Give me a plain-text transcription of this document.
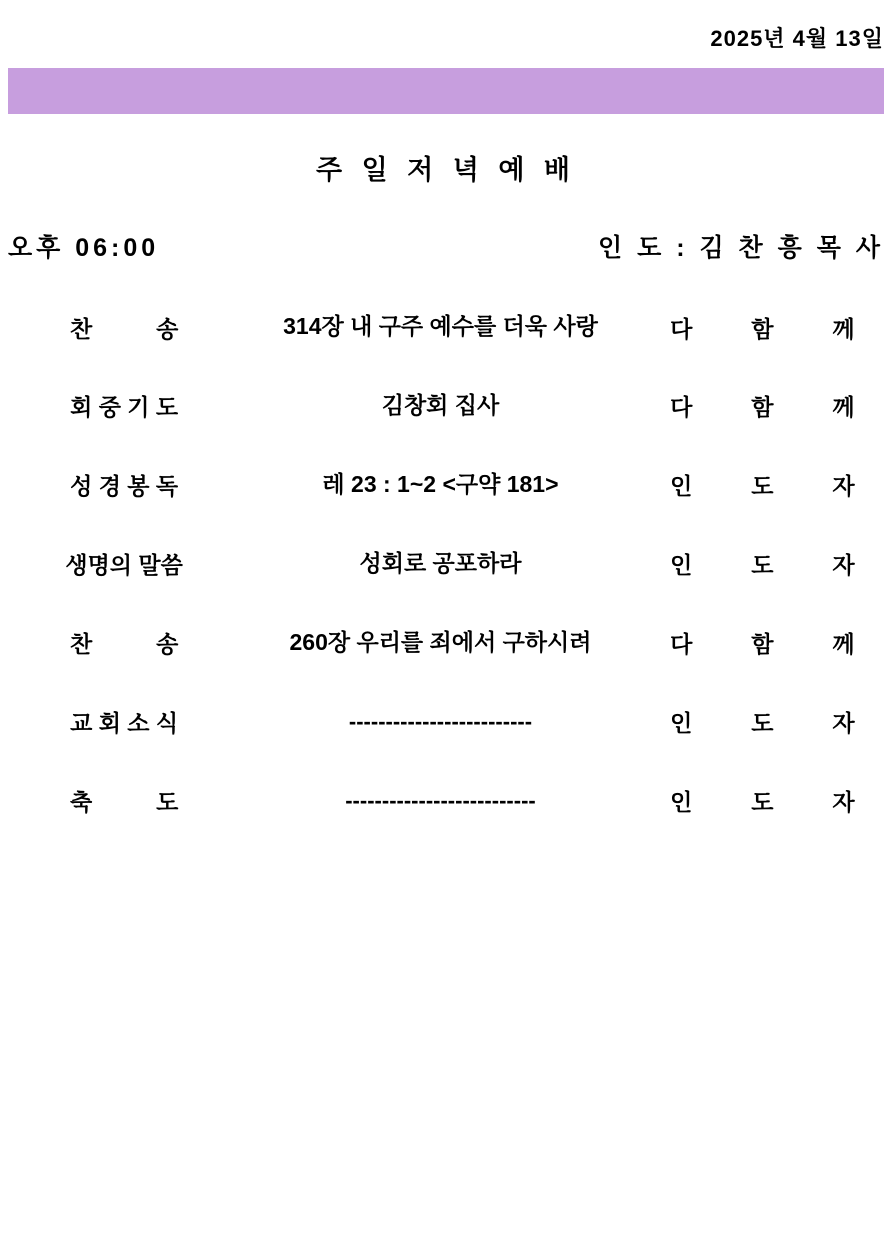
2025년 4월 13일
주 일 저 녁 예 배
오후 06:00	인 도 : 김 찬 흥 목 사
찬          송	314장 내 구주 예수를 더욱 사랑	다	함	께
회 중 기 도	김창회 집사	다	함	께
성 경 봉 독	레 23 : 1~2 <구약 181>	인	도	자
생명의 말씀	성회로 공포하라	인	도	자
찬          송	260장 우리를 죄에서 구하시려	다	함	께
교 회 소 식	-------------------------	인	도	자
축          도	--------------------------	인	도	자
